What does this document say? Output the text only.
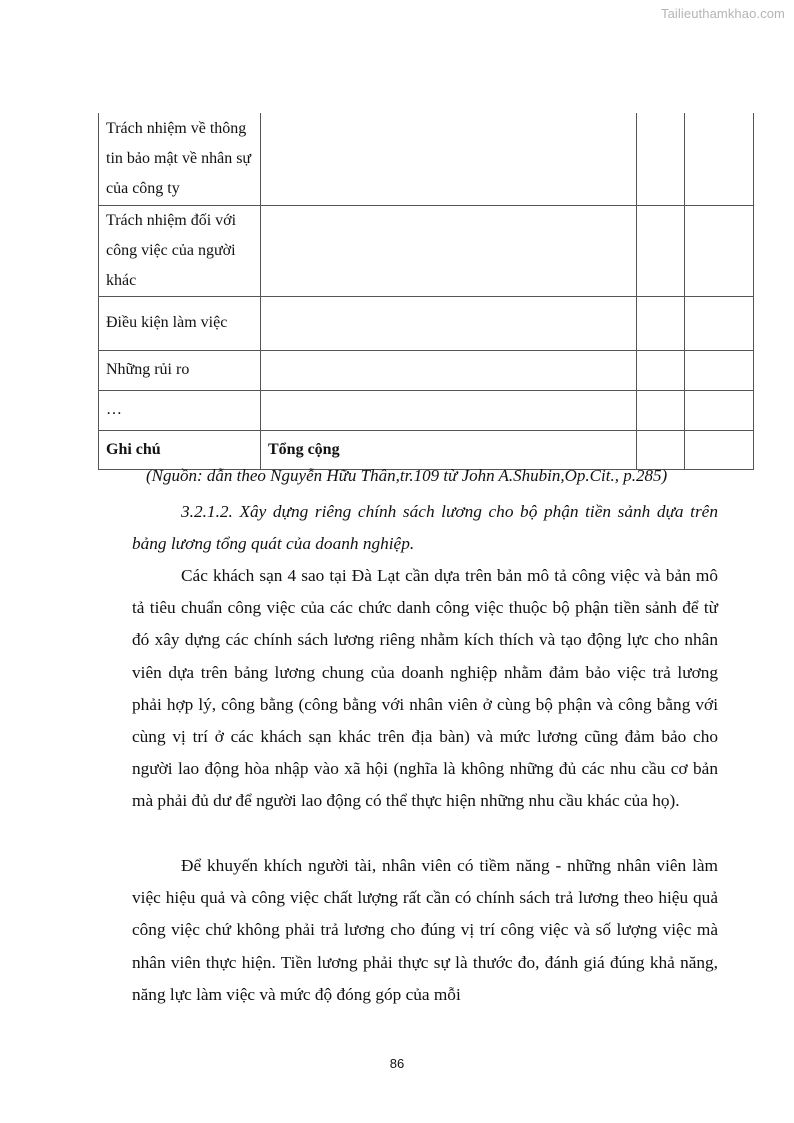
Tailieuthamkhao.com
Trách nhiệm về thông tin bảo mật về nhân sự của công ty			
Trách nhiệm đối với công việc của người khác			
Điều kiện làm việc			
Những rủi ro			
…			
Ghi chú	Tổng cộng		
(Nguồn: dẫn theo Nguyễn Hữu Thân,tr.109 từ John A.Shubin,Op.Cit., p.285)

3.2.1.2. Xây dựng riêng chính sách lương cho bộ phận tiền sảnh dựa trên bảng lương tổng quát của doanh nghiệp.

Các khách sạn 4 sao tại Đà Lạt cần dựa trên bản mô tả công việc và bản mô tả tiêu chuẩn công việc của các chức danh công việc thuộc bộ phận tiền sảnh để từ đó xây dựng các chính sách lương riêng nhằm kích thích và tạo động lực cho nhân viên dựa trên bảng lương chung của doanh nghiệp nhằm đảm bảo việc trả lương phải hợp lý, công bằng (công bằng với nhân viên ở cùng bộ phận và công bằng với cùng vị trí ở các khách sạn khác trên địa bàn) và mức lương cũng đảm bảo cho người lao động hòa nhập vào xã hội (nghĩa là không những đủ các nhu cầu cơ bản mà phải đủ dư để người lao động có thể thực hiện những nhu cầu khác của họ).

Để khuyến khích người tài, nhân viên có tiềm năng - những nhân viên làm việc hiệu quả và công việc chất lượng rất cần có chính sách trả lương theo hiệu quả công việc chứ không phải trả lương cho đúng vị trí công việc và số lượng việc mà nhân viên thực hiện. Tiền lương phải thực sự là thước đo, đánh giá đúng khả năng, năng lực làm việc và mức độ đóng góp của mỗi

86
